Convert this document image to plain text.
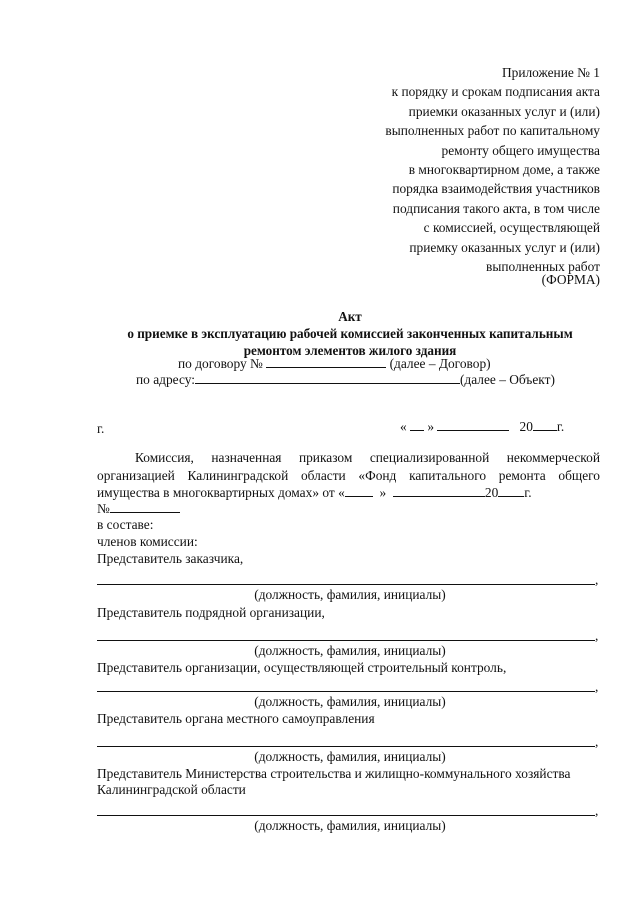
Приложение № 1
к порядку и срокам подписания акта
приемки оказанных услуг и (или)
выполненных работ по капитальному
ремонту общего имущества
в многоквартирном доме, а также
порядка взаимодействия участников
подписания такого акта, в том числе
с комиссией, осуществляющей
приемку оказанных услуг и (или)
выполненных работ
(ФОРМА)
Акт
о приемке в эксплуатацию рабочей комиссией законченных капитальным
ремонтом элементов жилого здания
по договору №	(далее – Договор)
по адресу:	(далее – Объект)
г.	« »	20 г.
Комиссия, назначенная приказом специализированной некоммерческой организацией Калининградской области «Фонд капитального ремонта общего имущества в многоквартирных домах» от «	»	20 г.
№
в составе:
членов комиссии:
Представитель заказчика,
,
(должность, фамилия, инициалы)
Представитель подрядной организации,
,
(должность, фамилия, инициалы)
Представитель организации, осуществляющей строительный контроль,
,
(должность, фамилия, инициалы)
Представитель органа местного самоуправления
,
(должность, фамилия, инициалы)
Представитель Министерства строительства и жилищно-коммунального хозяйства
Калининградской области
,
(должность, фамилия, инициалы)
